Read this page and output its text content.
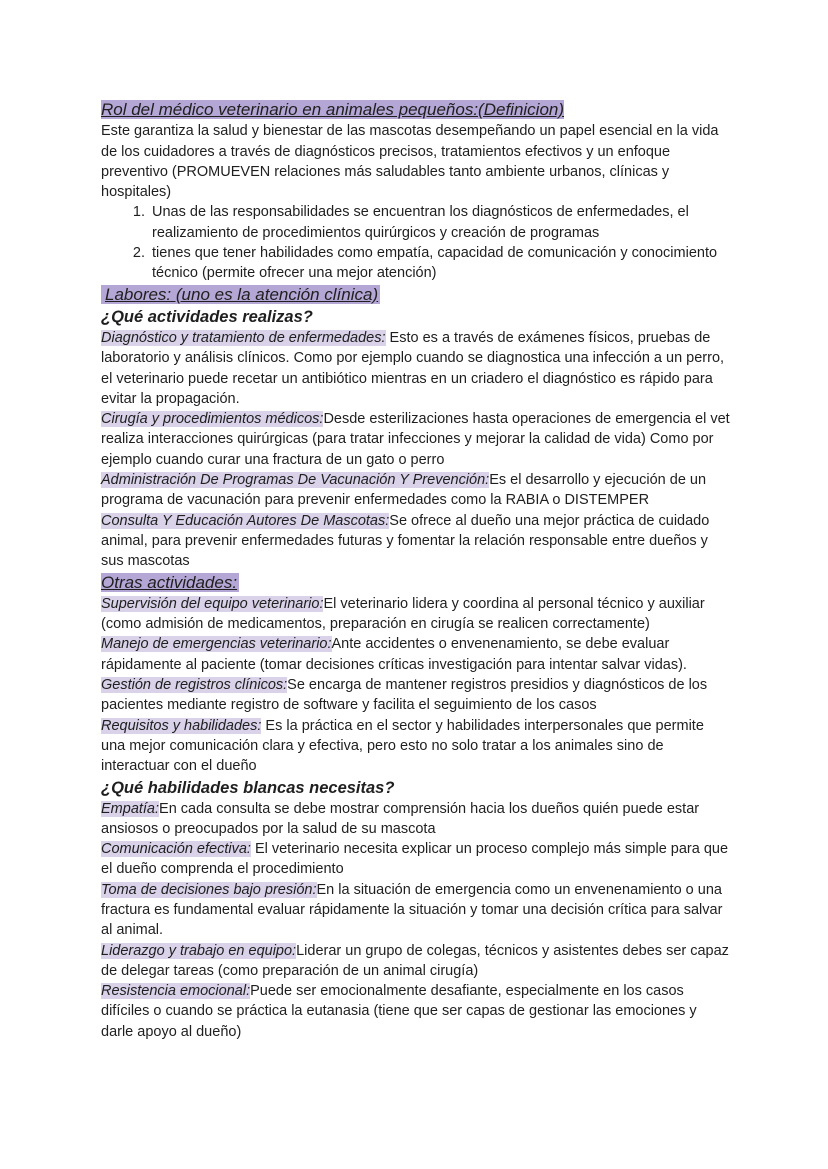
Rol del médico veterinario en animales pequeños:(Definicion)

Este garantiza la salud y bienestar de las mascotas desempeñando un papel esencial en la vida de los cuidadores a través de diagnósticos precisos, tratamientos efectivos y un enfoque preventivo (PROMUEVEN relaciones más saludables tanto ambiente urbanos, clínicas y hospitales)

1. Unas de las responsabilidades se encuentran los diagnósticos de enfermedades, el realizamiento de procedimientos quirúrgicos y creación de programas
2. tienes que tener habilidades como empatía, capacidad de comunicación y conocimiento técnico (permite ofrecer una mejor atención)
Labores: (uno es la atención clínica)
¿Qué actividades realizas?

Diagnóstico y tratamiento de enfermedades: Esto es a través de exámenes físicos, pruebas de laboratorio y análisis clínicos. Como por ejemplo cuando se diagnostica una infección a un perro, el veterinario puede recetar un antibiótico mientras en un criadero el diagnóstico es rápido para evitar la propagación.

Cirugía y procedimientos médicos:Desde esterilizaciones hasta operaciones de emergencia el vet realiza interacciones quirúrgicas (para tratar infecciones y mejorar la calidad de vida) Como por ejemplo cuando curar una fractura de un gato o perro

Administración De Programas De Vacunación Y Prevención:Es el desarrollo y ejecución de un programa de vacunación para prevenir enfermedades como la RABIA o DISTEMPER

Consulta Y Educación Autores De Mascotas:Se ofrece al dueño una mejor práctica de cuidado animal, para prevenir enfermedades futuras y fomentar la relación responsable entre dueños y sus mascotas

Otras actividades:

Supervisión del equipo veterinario:El veterinario lidera y coordina al personal técnico y auxiliar (como admisión de medicamentos, preparación en cirugía se realicen correctamente)

Manejo de emergencias veterinario:Ante accidentes o envenenamiento, se debe evaluar rápidamente al paciente (tomar decisiones críticas investigación para intentar salvar vidas).

Gestión de registros clínicos:Se encarga de mantener registros presidios y diagnósticos de los pacientes mediante registro de software y facilita el seguimiento de los casos

Requisitos y habilidades: Es la práctica en el sector y habilidades interpersonales que permite una mejor comunicación clara y efectiva, pero esto no solo tratar a los animales sino de interactuar con el dueño

¿Qué habilidades blancas necesitas?

Empatía:En cada consulta se debe mostrar comprensión hacia los dueños quién puede estar ansiosos o preocupados por la salud de su mascota

Comunicación efectiva: El veterinario necesita explicar un proceso complejo más simple para que el dueño comprenda el procedimiento

Toma de decisiones bajo presión:En la situación de emergencia como un envenenamiento o una fractura es fundamental evaluar rápidamente la situación y tomar una decisión crítica para salvar al animal.

Liderazgo y trabajo en equipo:Liderar un grupo de colegas, técnicos y asistentes debes ser capaz de delegar tareas (como preparación de un animal cirugía)

Resistencia emocional:Puede ser emocionalmente desafiante, especialmente en los casos difíciles o cuando se práctica la eutanasia (tiene que ser capas de gestionar las emociones y darle apoyo al dueño)
